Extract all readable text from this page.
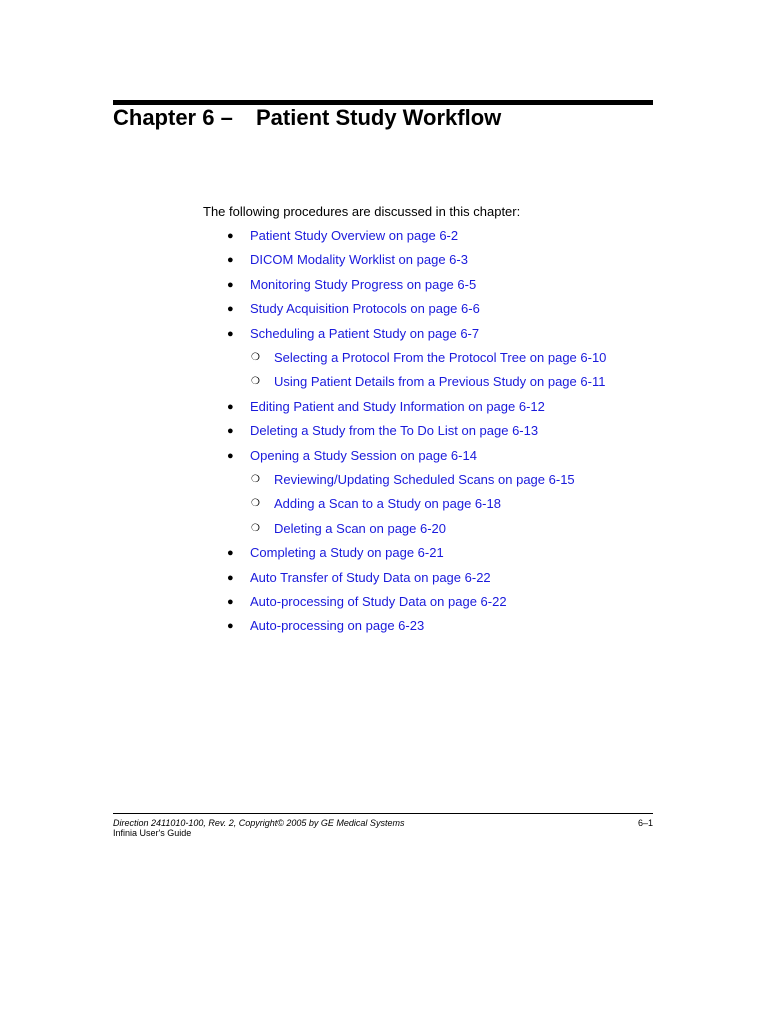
Chapter 6 – Patient Study Workflow
The following procedures are discussed in this chapter:
● Patient Study Overview on page 6-2
● DICOM Modality Worklist on page 6-3
● Monitoring Study Progress on page 6-5
● Study Acquisition Protocols on page 6-6
● Scheduling a Patient Study on page 6-7
❍ Selecting a Protocol From the Protocol Tree on page 6-10
❍ Using Patient Details from a Previous Study on page 6-11
● Editing Patient and Study Information on page 6-12
● Deleting a Study from the To Do List on page 6-13
● Opening a Study Session on page 6-14
❍ Reviewing/Updating Scheduled Scans on page 6-15
❍ Adding a Scan to a Study on page 6-18
❍ Deleting a Scan on page 6-20
● Completing a Study on page 6-21
● Auto Transfer of Study Data on page 6-22
● Auto-processing of Study Data on page 6-22
● Auto-processing on page 6-23
Direction 2411010-100, Rev. 2, Copyright© 2005 by GE Medical Systems
Infinia User's Guide
6–1
